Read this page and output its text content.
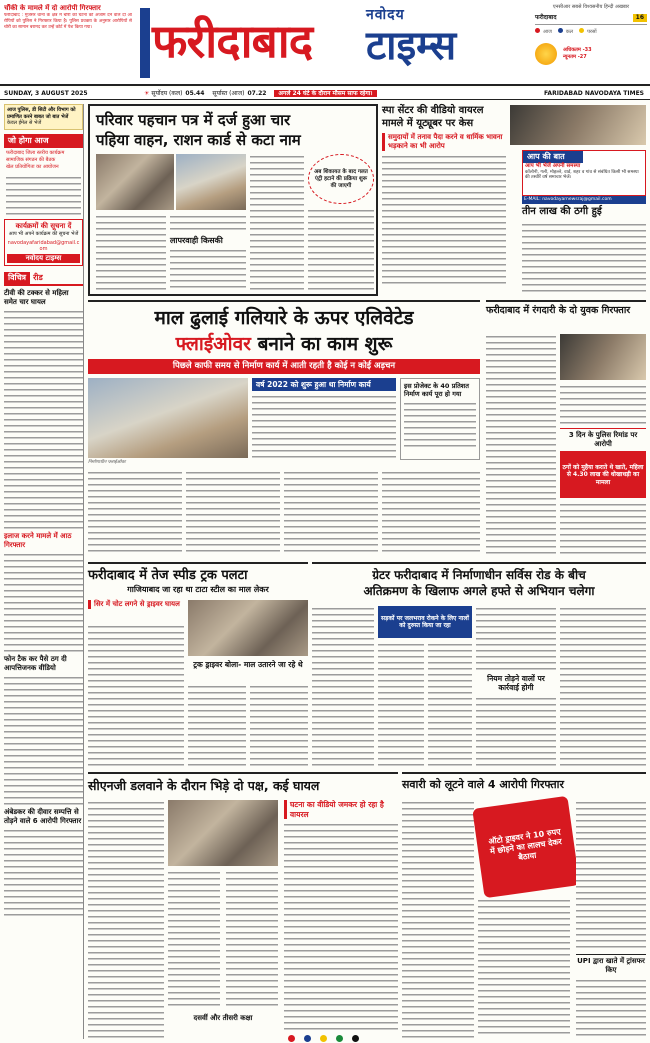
चौंकी के मामले में दो आरोपी गिरफ्तार
फरीदाबाद : मुजेसर थाना के क्षेत्र में चोरी की घटना को अंजाम देने वाले दो आरोपियों को पुलिस ने गिरफ्तार किया है। पुलिस प्रवक्ता के अनुसार आरोपियों से चोरी का सामान बरामद कर उन्हें कोर्ट में पेश किया गया।
नवोदय
फरीदाबाद टाइम्स
एनसीआर सबसे विश्वसनीय हिन्दी अखबार
फरीदाबाद	16
आज	कल	परसों
अधिकतम -33
न्यूनतम -27
SUNDAY, 3 AUGUST 2025	☀ सूर्योदय (कल) 05.44 सूर्यास्त (आज) 07.22	अगले 24 घंटे के दौरान मौसम साफ रहेगा।	FARIDABAD NAVODAYA TIMES
आज पुलिस, डी सिटी और विभाग को प्रमाणित करने बाबत जो बात भेजें
केवल ईमेल से भेजें
जो होगा आज
फरीदाबाद जिला स्तरीय कार्यक्रम
सामाजिक संगठन की बैठक
खेल प्रतियोगिता का आयोजन
कार्यक्रमों की सूचना दें
आप भी अपने कार्यक्रम की सूचना भेजें
navodayafaridabad@gmail.com
नवोदय टाइम्स
विचित्र रीड
टीवी की टक्कर से महिला समेत चार घायल
इलाज करने मामले में आठ गिरफ्तार
फोन टैक कर पैसे ठग दी आपत्तिजनक वीडियो
अंबेडकर की दीवार सम्पत्ति से तोड़ने वाले 6 आरोपी गिरफ्तार
परिवार पहचान पत्र में दर्ज हुआ चार
पहिया वाहन, राशन कार्ड से कटा नाम
लापरवाही किसकी
अब शिकायत के बाद गलत एंट्री हटाने की प्रक्रिया शुरू की जाएगी
स्पा सेंटर की वीडियो वायरल
मामले में यूट्यूबर पर केस
समुदायों में तनाव पैदा करने व धार्मिक भावना भड़काने का भी आरोप
आप की बात
आप भी भेजें अपनी समस्या
कॉलोनी, गली, मोहल्ले, वार्ड, शहर व गांव से संबंधित किसी भी समस्या की तस्वीरें वर्ष समाचार भेजें।
E-MAIL: navodayarnewsraj@gmail.com
तीन लाख की ठगी हुई
माल ढुलाई गलियारे के ऊपर एलिवेटेड
फ्लाईओवर बनाने का काम शुरू
पिछले काफी समय से निर्माण कार्य में आती रहती है कोई न कोई अड़चन
निर्माणाधीन फ्लाईओवर
वर्ष 2022 को शुरू हुआ था निर्माण कार्य	इस प्रोजेक्ट के 40 प्रतिशत निर्माण कार्य पूरा हो गया
फरीदाबाद में रंगदारी के दो युवक गिरफ्तार
3 दिन के पुलिस रिमांड पर आरोपी
ठगों को मुहैया कराते थे खाते, महिला से 4.30 लाख की धोखाधड़ी का मामला
फरीदाबाद में तेज स्पीड ट्रक पलटा
गाजियाबाद जा रहा था टाटा स्टील का माल लेकर
सिर में चोट लगने से ड्राइवर घायल
ट्रक ड्राइवर बोला- माल उतारने जा रहे थे
ग्रेटर फरीदाबाद में निर्माणाधीन सर्विस रोड के बीच
अतिक्रमण के खिलाफ अगले हफ्ते से अभियान चलेगा
सड़कों पर जलभराव रोकने के लिए नालों को दुरुस्त किया जा रहा
नियम तोड़ने वालों पर कार्रवाई होगी
सीएनजी डलवाने के दौरान भिड़े दो पक्ष, कई घायल
दसवीं और तीसरी कक्षा
घटना का वीडियो जमकर हो रहा है वायरल
सवारी को लूटने वाले 4 आरोपी गिरफ्तार
ऑटो ड्राइवर ने 10 रुपए में छोड़ने का लालच देकर बैठाया
UPI द्वारा खाते में ट्रांसफर किए
